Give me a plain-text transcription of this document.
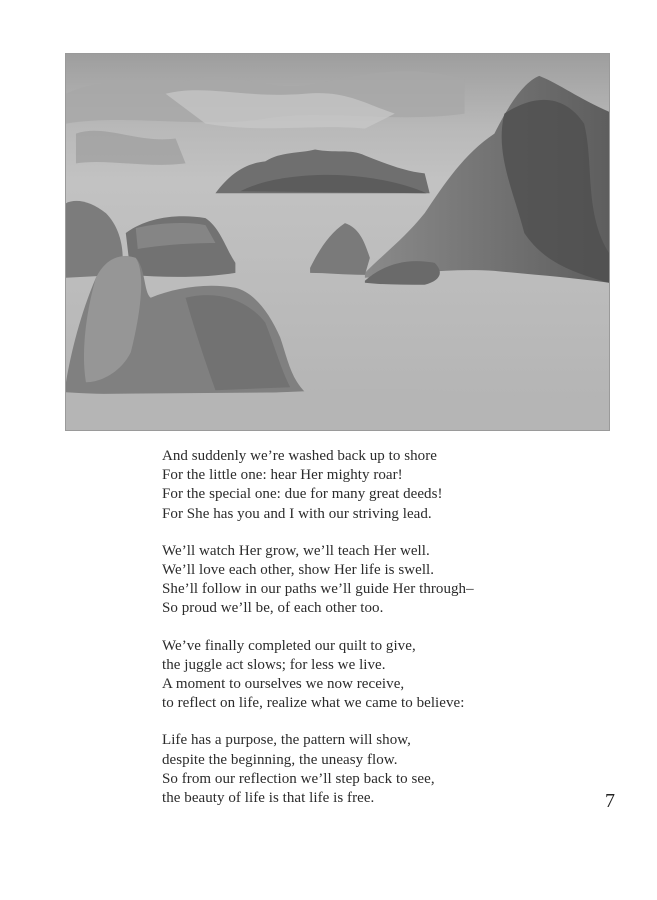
And suddenly we’re washed back up to shore
For the little one: hear Her mighty roar!
For the special one: due for many great deeds!
For She has you and I with our striving lead.
We’ll watch Her grow, we’ll teach Her well.
We’ll love each other, show Her life is swell.
She’ll follow in our paths we’ll guide Her through–
So proud we’ll be, of each other too.
We’ve finally completed our quilt to give,
the juggle act slows; for less we live.
A moment to ourselves we now receive,
to reflect on life, realize what we came to believe:
Life has a purpose, the pattern will show,
despite the beginning, the uneasy flow.
So from our reflection we’ll step back to see,
the beauty of life is that life is free.	7
